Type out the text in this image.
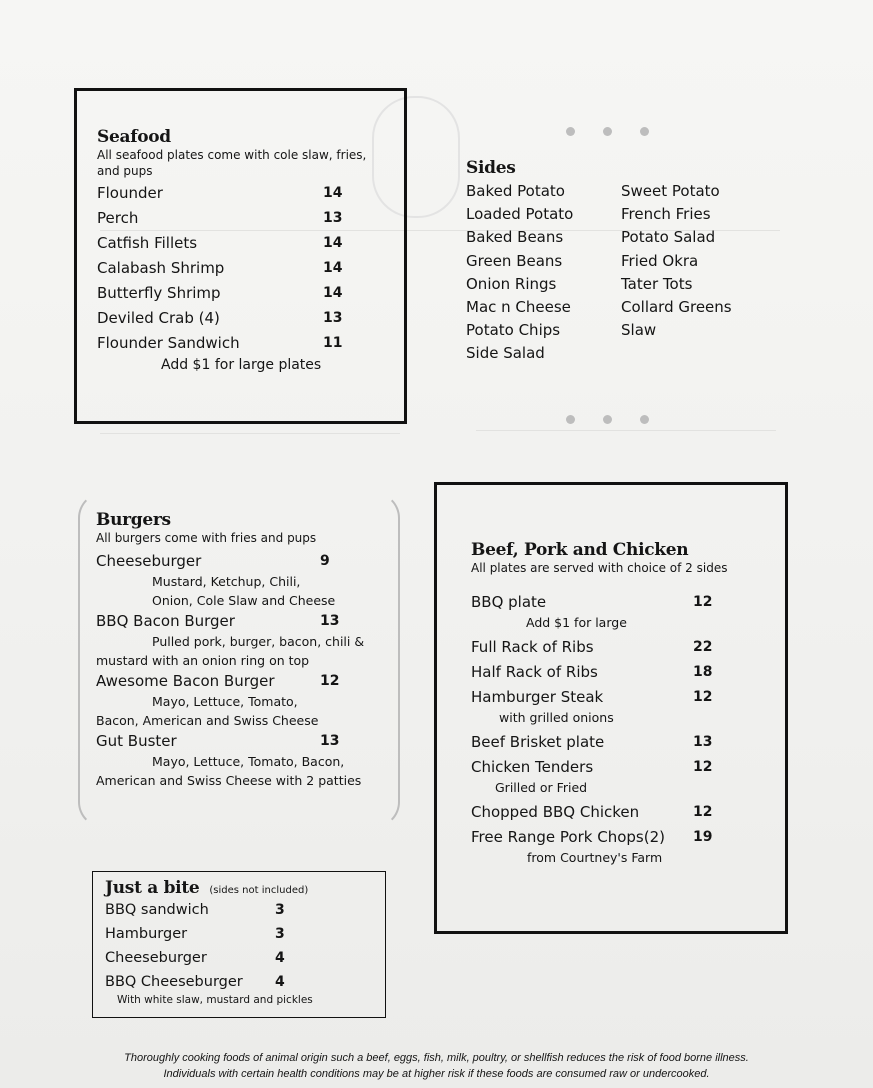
Seafood
All seafood plates come with cole slaw, fries, and pups
Flounder	14
Perch	13
Catfish Fillets	14
Calabash Shrimp	14
Butterfly Shrimp	14
Deviled Crab (4)	13
Flounder Sandwich	11
Add $1 for large plates
Sides
Baked Potato
Loaded Potato
Baked Beans
Green Beans
Onion Rings
Mac n Cheese
Potato Chips
Side Salad
Sweet Potato
French Fries
Potato Salad
Fried Okra
Tater Tots
Collard Greens
Slaw
Burgers
All burgers come with fries and pups
Cheeseburger	9
Mustard, Ketchup, Chili,
Onion, Cole Slaw and Cheese
BBQ Bacon Burger	13
Pulled pork, burger, bacon, chili &
mustard with an onion ring on top
Awesome Bacon Burger	12
Mayo, Lettuce, Tomato,
Bacon, American and Swiss Cheese
Gut Buster	13
Mayo, Lettuce, Tomato, Bacon,
American and Swiss Cheese with 2 patties
Just a bite (sides not included)
BBQ sandwich	3
Hamburger	3
Cheeseburger	4
BBQ Cheeseburger 4
With white slaw, mustard and pickles
Beef, Pork and Chicken
All plates are served with choice of 2 sides
BBQ plate	12
Add $1 for large
Full Rack of Ribs	22
Half Rack of Ribs	18
Hamburger Steak	12
with grilled onions
Beef Brisket plate	13
Chicken Tenders	12
Grilled or Fried
Chopped BBQ Chicken	12
Free Range Pork Chops(2) 19
from Courtney's Farm
Thoroughly cooking foods of animal origin such a beef, eggs, fish, milk, poultry, or shellfish reduces the risk of food borne illness.
Individuals with certain health conditions may be at higher risk if these foods are consumed raw or undercooked.
